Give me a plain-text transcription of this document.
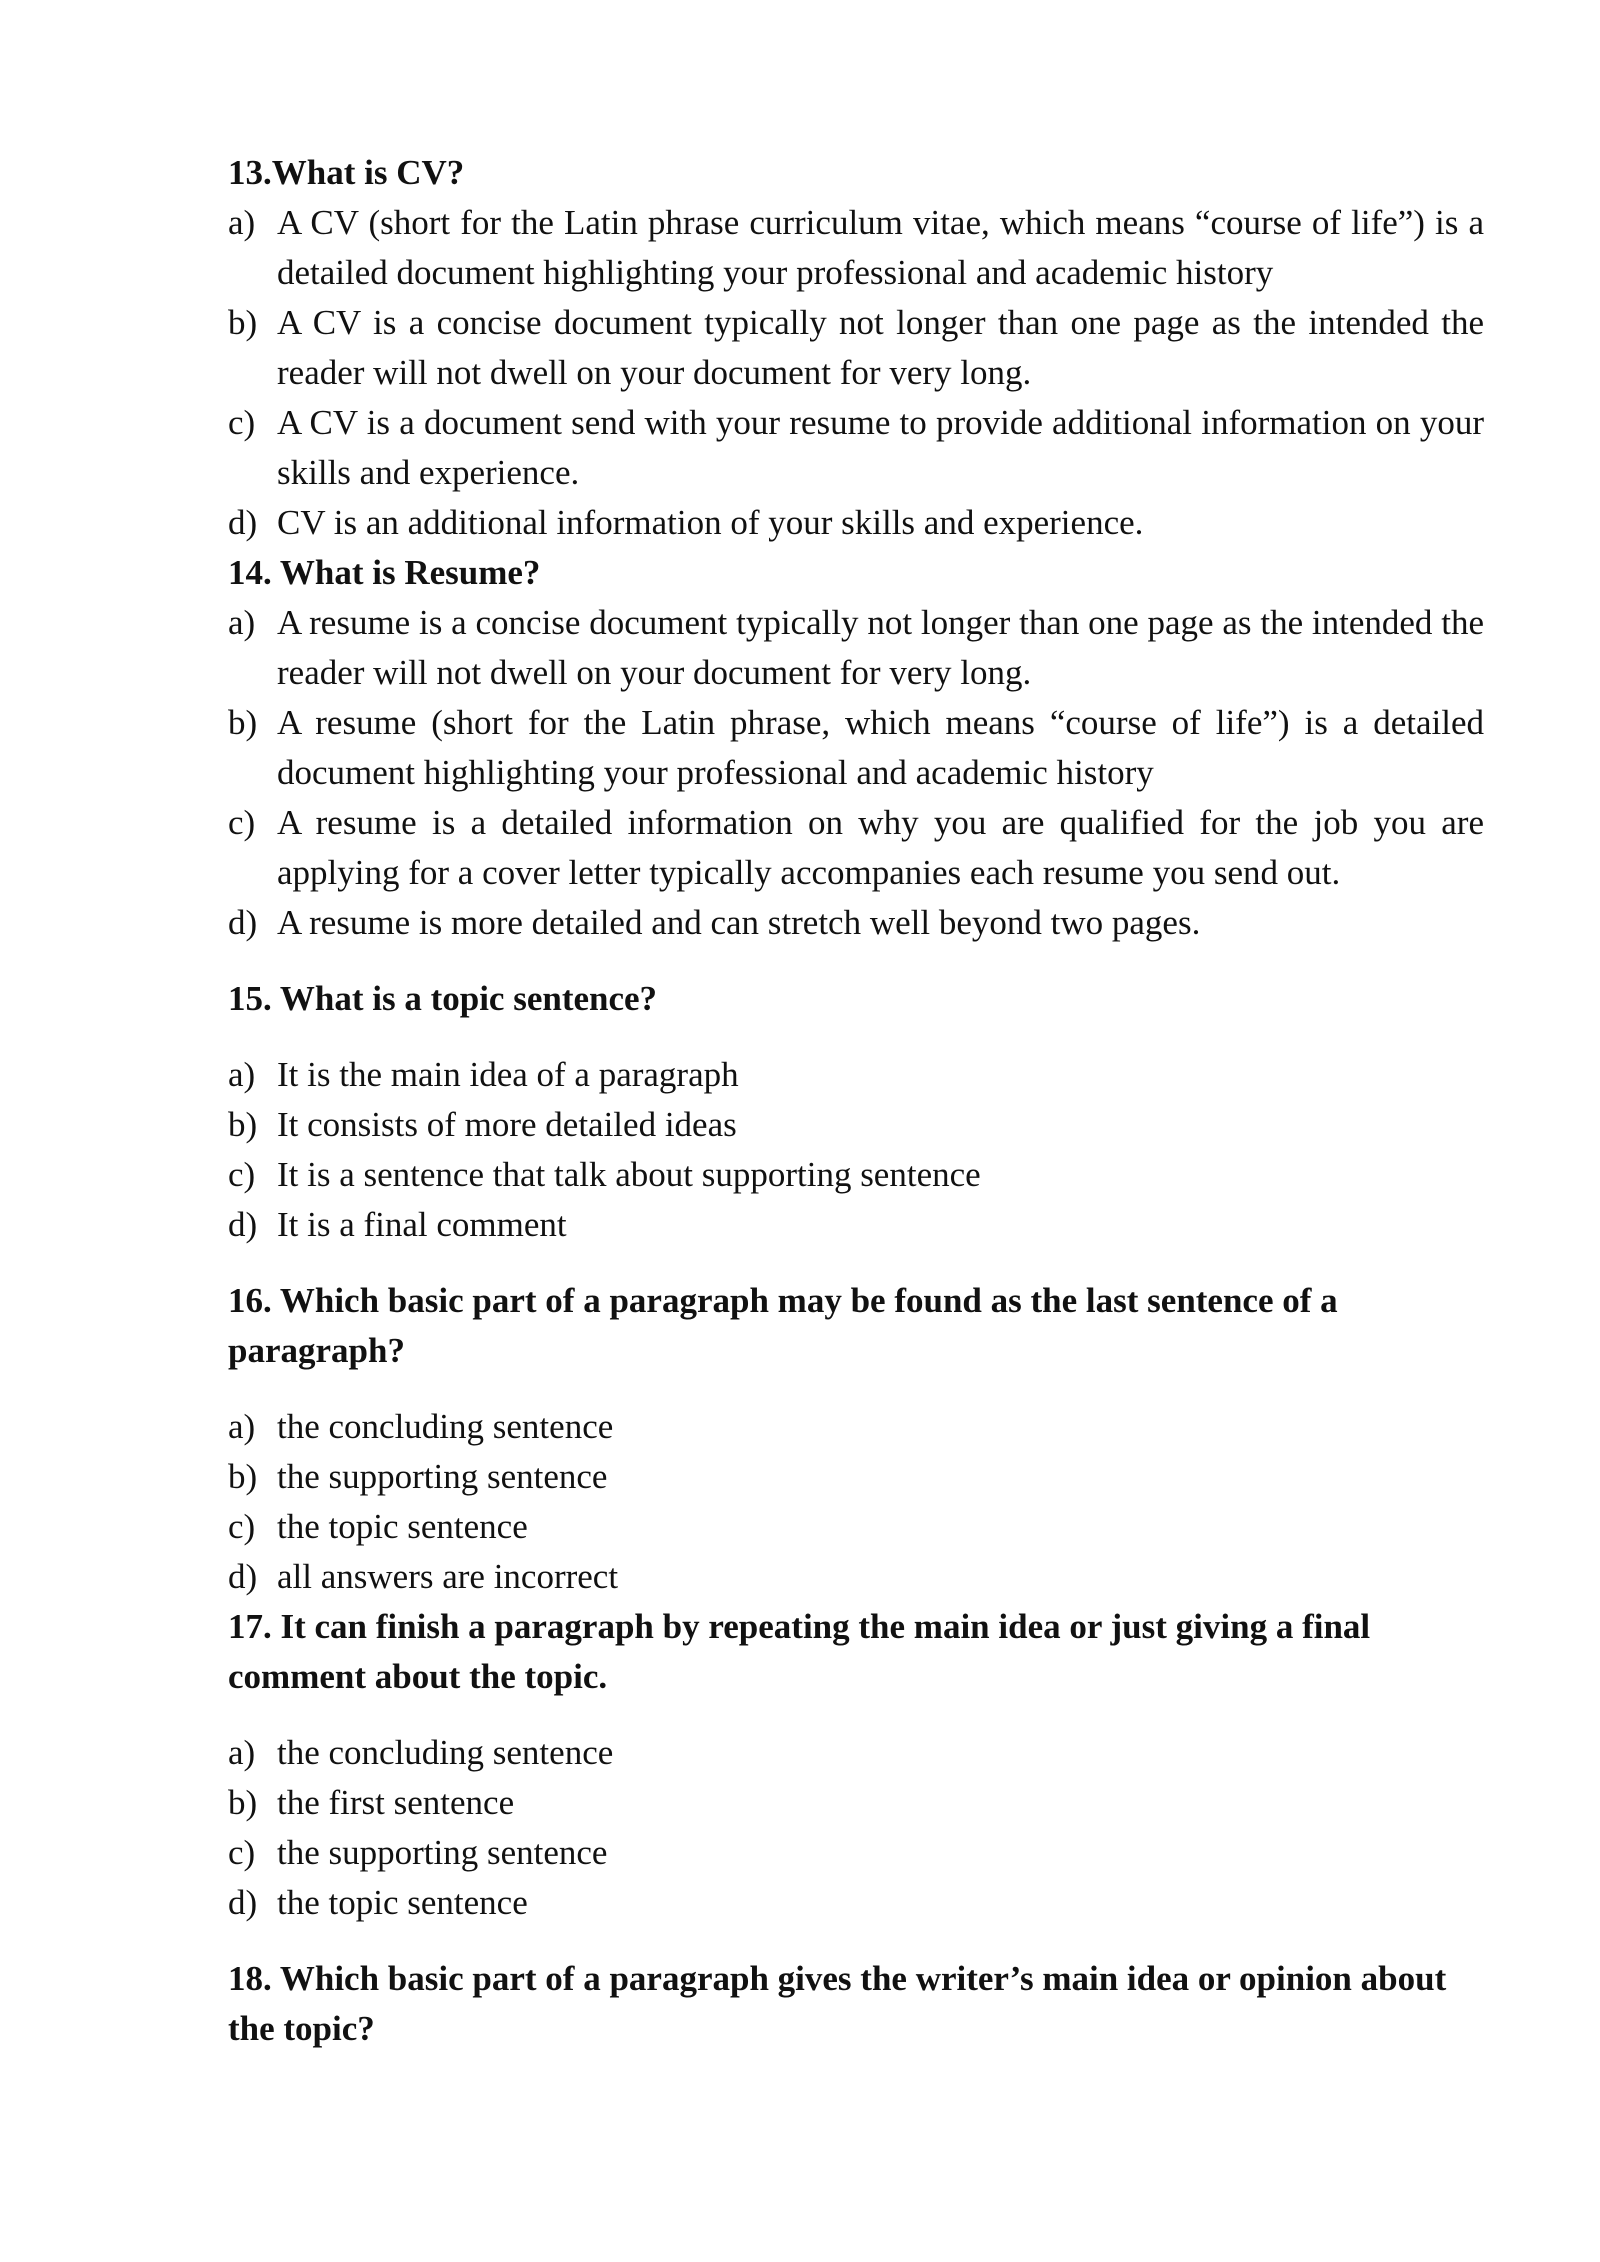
13.What is CV?

a) A CV (short for the Latin phrase curriculum vitae, which means “course of life”) is a detailed document highlighting your professional and academic history
b) A CV is a concise document typically not longer than one page as the intended the reader will not dwell on your document for very long.
c) A CV is a document send with your resume to provide additional information on your skills and experience.
d) CV is an additional information of your skills and experience.

14. What is Resume?

a) A resume is a concise document typically not longer than one page as the intended the reader will not dwell on your document for very long.
b) A resume (short for the Latin phrase, which means “course of life”) is a detailed document highlighting your professional and academic history
c) A resume is a detailed information on why you are qualified for the job you are applying for a cover letter typically accompanies each resume you send out.
d) A resume is more detailed and can stretch well beyond two pages.

15. What is a topic sentence?

a) It is the main idea of a paragraph
b) It consists of more detailed ideas
c) It is a sentence that talk about supporting sentence
d) It is a final comment

16. Which basic part of a paragraph may be found as the last sentence of a paragraph?

a) the concluding sentence
b) the supporting sentence
c) the topic sentence
d) all answers are incorrect

17. It can finish a paragraph by repeating the main idea or just giving a final comment about the topic.

a) the concluding sentence
b) the first sentence
c) the supporting sentence
d) the topic sentence

18. Which basic part of a paragraph gives the writer’s main idea or opinion about the topic?
